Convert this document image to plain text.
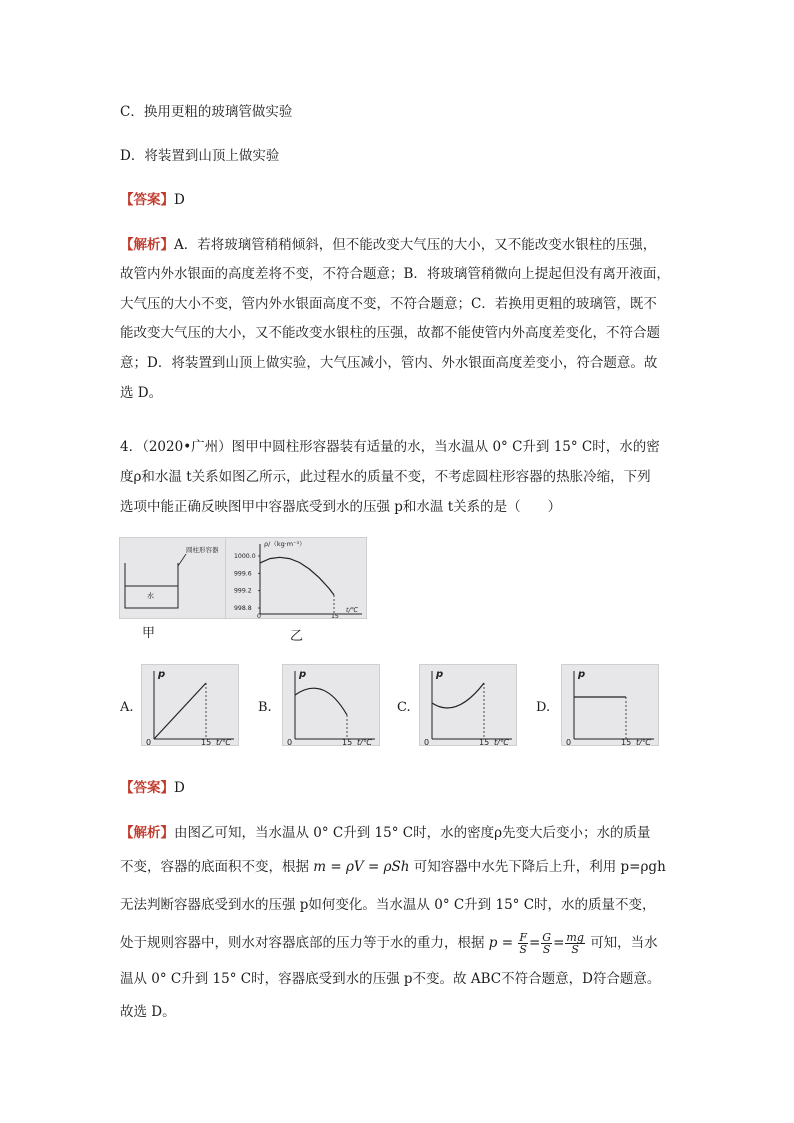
C．换用更粗的玻璃管做实验
D．将装置到山顶上做实验
【答案】D
【解析】A．若将玻璃管稍稍倾斜，但不能改变大气压的大小，又不能改变水银柱的压强，
故管内外水银面的高度差将不变，不符合题意；B．将玻璃管稍微向上提起但没有离开液面，
大气压的大小不变，管内外水银面高度不变，不符合题意；C．若换用更粗的玻璃管，既不
能改变大气压的大小，又不能改变水银柱的压强，故都不能使管内外高度差变化，不符合题
意；D．将装置到山顶上做实验，大气压减小，管内、外水银面高度差变小，符合题意。故
选 D。
4．（2020•广州）图甲中圆柱形容器装有适量的水，当水温从 0° C升到 15° C时，水的密
度ρ和水温 t关系如图乙所示，此过程水的质量不变，不考虑圆柱形容器的热胀冷缩，下列
选项中能正确反映图甲中容器底受到水的压强 p和水温 t关系的是（　　）
圆柱形容器
水
甲
ρ/（kg·m⁻³）
t/℃
1000.0
999.6
999.2
998.8
0	15
乙
A.
p
0	15 t/℃
B.
p
0	15 t/℃
C.
p
0	15 t/℃
D.
p
0	15 t/℃
【答案】D
【解析】由图乙可知，当水温从 0° C升到 15° C时，水的密度ρ先变大后变小；水的质量
不变，容器的底面积不变，根据 m = ρV = ρSh 可知容器中水先下降后上升，利用 p=ρgh
无法判断容器底受到水的压强 p如何变化。当水温从 0° C升到 15° C时，水的质量不变，
处于规则容器中，则水对容器底部的压力等于水的重力，根据 $p = \frac{F}{S} = \frac{G}{S} = \frac{mg}{S}$ 可知，当水
温从 0° C升到 15° C时，容器底受到水的压强 p不变。故 ABC不符合题意，D符合题意。
故选 D。
